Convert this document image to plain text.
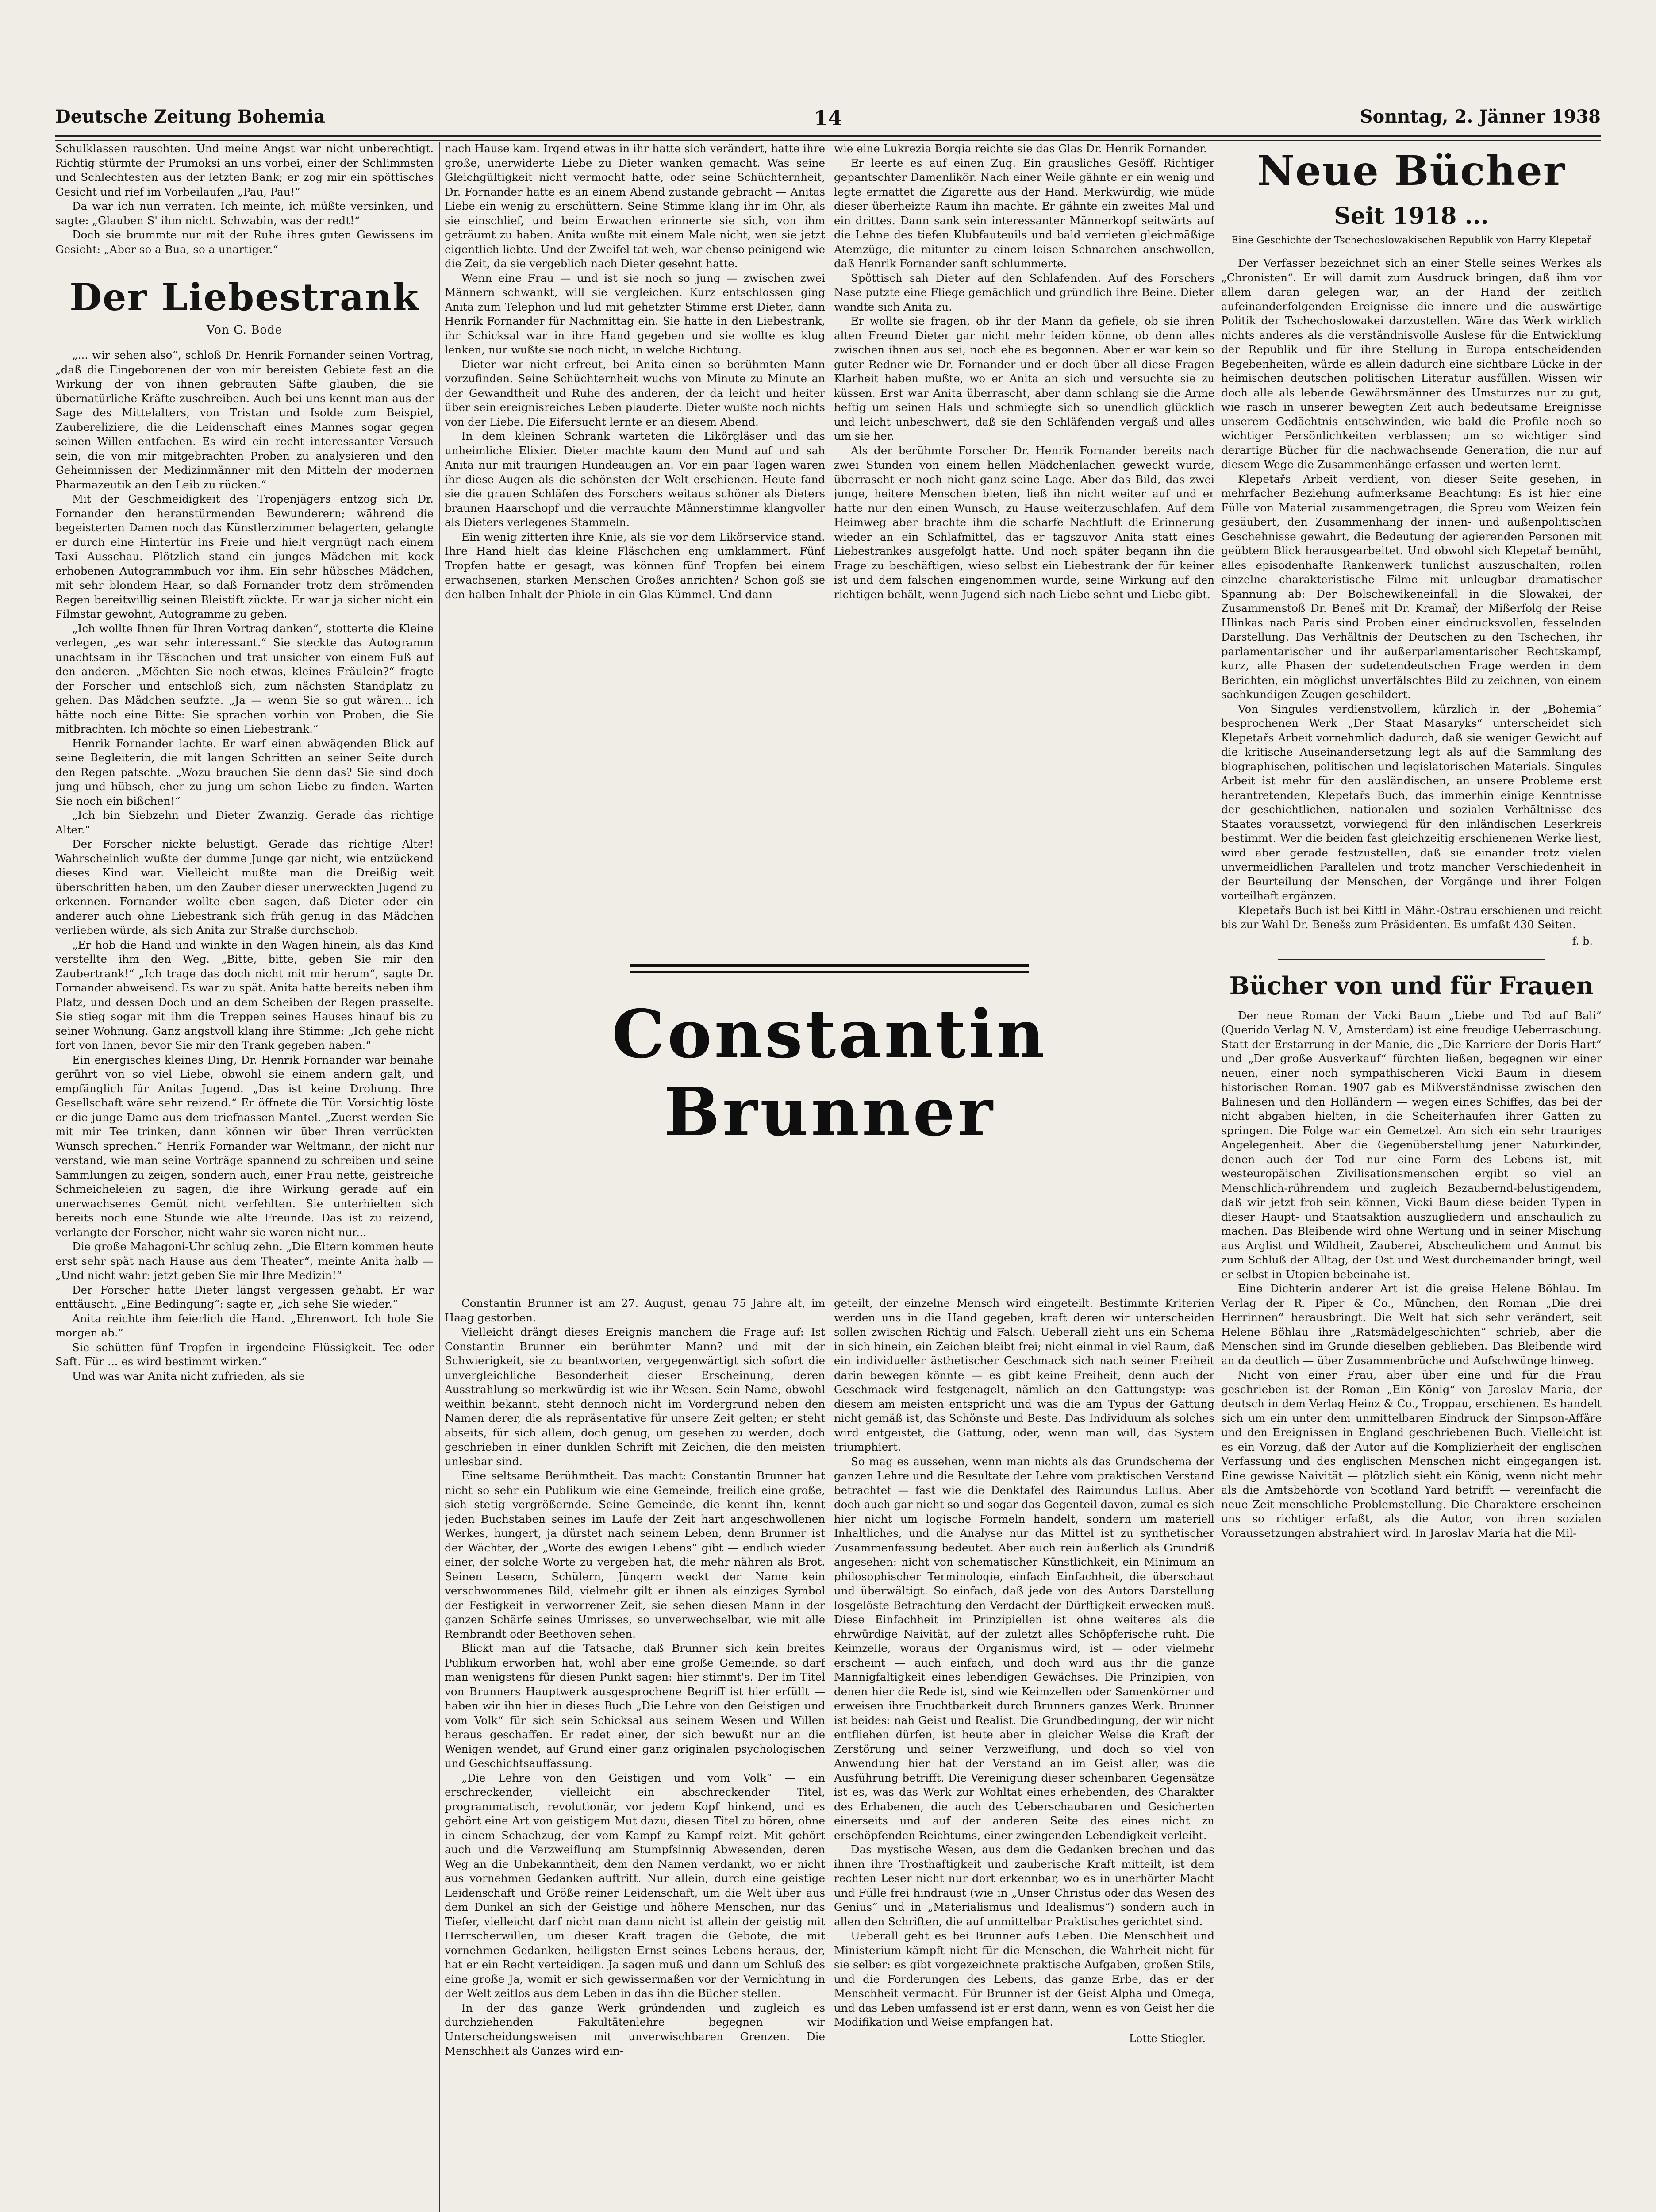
Deutsche Zeitung Bohemia	14	Sonntag, 2. Jänner 1938

Schulklassen rauschten. Und meine Angst war nicht unberechtigt. Richtig stürmte der Prumoksi an uns vorbei, einer der Schlimmsten und Schlechtesten aus der letzten Bank; er zog mir ein spöttisches Gesicht und rief im Vorbeilaufen „Pau, Pau!“

Da war ich nun verraten. Ich meinte, ich müßte versinken, und sagte: „Glauben S' ihm nicht. Schwabin, was der redt!“

Doch sie brummte nur mit der Ruhe ihres guten Gewissens im Gesicht: „Aber so a Bua, so a unartiger.“

Der Liebestrank
Von G. Bode

„... wir sehen also“, schloß Dr. Henrik Fornander seinen Vortrag, „daß die Eingeborenen der von mir bereisten Gebiete fest an die Wirkung der von ihnen gebrauten Säfte glauben, die sie übernatürliche Kräfte zuschreiben. Auch bei uns kennt man aus der Sage des Mittelalters, von Tristan und Isolde zum Beispiel, Zaubereliziere, die die Leidenschaft eines Mannes sogar gegen seinen Willen entfachen. Es wird ein recht interessanter Versuch sein, die von mir mitgebrachten Proben zu analysieren und den Geheimnissen der Medizinmänner mit den Mitteln der modernen Pharmazeutik an den Leib zu rücken.“

Mit der Geschmeidigkeit des Tropenjägers entzog sich Dr. Fornander den heranstürmenden Bewunderern; während die begeisterten Damen noch das Künstlerzimmer belagerten, gelangte er durch eine Hintertür ins Freie und hielt vergnügt nach einem Taxi Ausschau. Plötzlich stand ein junges Mädchen mit keck erhobenen Autogrammbuch vor ihm. Ein sehr hübsches Mädchen, mit sehr blondem Haar, so daß Fornander trotz dem strömenden Regen bereitwillig seinen Bleistift zückte. Er war ja sicher nicht ein Filmstar gewohnt, Autogramme zu geben.

„Ich wollte Ihnen für Ihren Vortrag danken“, stotterte die Kleine verlegen, „es war sehr interessant.“ Sie steckte das Autogramm unachtsam in ihr Täschchen und trat unsicher von einem Fuß auf den anderen. „Möchten Sie noch etwas, kleines Fräulein?“ fragte der Forscher und entschloß sich, zum nächsten Standplatz zu gehen. Das Mädchen seufzte. „Ja — wenn Sie so gut wären... ich hätte noch eine Bitte: Sie sprachen vorhin von Proben, die Sie mitbrachten. Ich möchte so einen Liebestrank.“

Henrik Fornander lachte. Er warf einen abwägenden Blick auf seine Begleiterin, die mit langen Schritten an seiner Seite durch den Regen patschte. „Wozu brauchen Sie denn das? Sie sind doch jung und hübsch, eher zu jung um schon Liebe zu finden. Warten Sie noch ein bißchen!“

„Ich bin Siebzehn und Dieter Zwanzig. Gerade das richtige Alter.“

Der Forscher nickte belustigt. Gerade das richtige Alter! Wahrscheinlich wußte der dumme Junge gar nicht, wie entzückend dieses Kind war. Vielleicht mußte man die Dreißig weit überschritten haben, um den Zauber dieser unerweckten Jugend zu erkennen. Fornander wollte eben sagen, daß Dieter oder ein anderer auch ohne Liebestrank sich früh genug in das Mädchen verlieben würde, als sich Anita zur Straße durchschob.

„Er hob die Hand und winkte in den Wagen hinein, als das Kind verstellte ihm den Weg. „Bitte, bitte, geben Sie mir den Zaubertrank!“ „Ich trage das doch nicht mit mir herum“, sagte Dr. Fornander abweisend. Es war zu spät. Anita hatte bereits neben ihm Platz, und dessen Doch und an dem Scheiben der Regen prasselte. Sie stieg sogar mit ihm die Treppen seines Hauses hinauf bis zu seiner Wohnung. Ganz angstvoll klang ihre Stimme: „Ich gehe nicht fort von Ihnen, bevor Sie mir den Trank gegeben haben.“

Ein energisches kleines Ding, Dr. Henrik Fornander war beinahe gerührt von so viel Liebe, obwohl sie einem andern galt, und empfänglich für Anitas Jugend. „Das ist keine Drohung. Ihre Gesellschaft wäre sehr reizend.“ Er öffnete die Tür. Vorsichtig löste er die junge Dame aus dem triefnassen Mantel. „Zuerst werden Sie mit mir Tee trinken, dann können wir über Ihren verrückten Wunsch sprechen.“ Henrik Fornander war Weltmann, der nicht nur verstand, wie man seine Vorträge spannend zu schreiben und seine Sammlungen zu zeigen, sondern auch, einer Frau nette, geistreiche Schmeicheleien zu sagen, die ihre Wirkung gerade auf ein unerwachsenes Gemüt nicht verfehlten. Sie unterhielten sich bereits noch eine Stunde wie alte Freunde. Das ist zu reizend, verlangte der Forscher, nicht wahr sie waren nicht nur...

Die große Mahagoni-Uhr schlug zehn. „Die Eltern kommen heute erst sehr spät nach Hause aus dem Theater“, meinte Anita halb — „Und nicht wahr: jetzt geben Sie mir Ihre Medizin!“

Der Forscher hatte Dieter längst vergessen gehabt. Er war enttäuscht. „Eine Bedingung“: sagte er, „ich sehe Sie wieder.“

Anita reichte ihm feierlich die Hand. „Ehrenwort. Ich hole Sie morgen ab.“

Sie schütten fünf Tropfen in irgendeine Flüssigkeit. Tee oder Saft. Für ... es wird bestimmt wirken.“

Und was war Anita nicht zufrieden, als sie

nach Hause kam. Irgend etwas in ihr hatte sich verändert, hatte ihre große, unerwiderte Liebe zu Dieter wanken gemacht. Was seine Gleichgültigkeit nicht vermocht hatte, oder seine Schüchternheit, Dr. Fornander hatte es an einem Abend zustande gebracht — Anitas Liebe ein wenig zu erschüttern. Seine Stimme klang ihr im Ohr, als sie einschlief, und beim Erwachen erinnerte sie sich, von ihm geträumt zu haben. Anita wußte mit einem Male nicht, wen sie jetzt eigentlich liebte. Und der Zweifel tat weh, war ebenso peinigend wie die Zeit, da sie vergeblich nach Dieter gesehnt hatte.

Wenn eine Frau — und ist sie noch so jung — zwischen zwei Männern schwankt, will sie vergleichen. Kurz entschlossen ging Anita zum Telephon und lud mit gehetzter Stimme erst Dieter, dann Henrik Fornander für Nachmittag ein. Sie hatte in den Liebestrank, ihr Schicksal war in ihre Hand gegeben und sie wollte es klug lenken, nur wußte sie noch nicht, in welche Richtung.

Dieter war nicht erfreut, bei Anita einen so berühmten Mann vorzufinden. Seine Schüchternheit wuchs von Minute zu Minute an der Gewandtheit und Ruhe des anderen, der da leicht und heiter über sein ereignisreiches Leben plauderte. Dieter wußte noch nichts von der Liebe. Die Eifersucht lernte er an diesem Abend.

In dem kleinen Schrank warteten die Likörgläser und das unheimliche Elixier. Dieter machte kaum den Mund auf und sah Anita nur mit traurigen Hundeaugen an. Vor ein paar Tagen waren ihr diese Augen als die schönsten der Welt erschienen. Heute fand sie die grauen Schläfen des Forschers weitaus schöner als Dieters braunen Haarschopf und die verrauchte Männerstimme klangvoller als Dieters verlegenes Stammeln.

Ein wenig zitterten ihre Knie, als sie vor dem Likörservice stand. Ihre Hand hielt das kleine Fläschchen eng umklammert. Fünf Tropfen hatte er gesagt, was können fünf Tropfen bei einem erwachsenen, starken Menschen Großes anrichten? Schon goß sie den halben Inhalt der Phiole in ein Glas Kümmel. Und dann

wie eine Lukrezia Borgia reichte sie das Glas Dr. Henrik Fornander.

Er leerte es auf einen Zug. Ein grausliches Gesöff. Richtiger gepantschter Damenlikör. Nach einer Weile gähnte er ein wenig und legte ermattet die Zigarette aus der Hand. Merkwürdig, wie müde dieser überheizte Raum ihn machte. Er gähnte ein zweites Mal und ein drittes. Dann sank sein interessanter Männerkopf seitwärts auf die Lehne des tiefen Klubfauteuils und bald verrieten gleichmäßige Atemzüge, die mitunter zu einem leisen Schnarchen anschwollen, daß Henrik Fornander sanft schlummerte.

Spöttisch sah Dieter auf den Schlafenden. Auf des Forschers Nase putzte eine Fliege gemächlich und gründlich ihre Beine. Dieter wandte sich Anita zu.

Er wollte sie fragen, ob ihr der Mann da gefiele, ob sie ihren alten Freund Dieter gar nicht mehr leiden könne, ob denn alles zwischen ihnen aus sei, noch ehe es begonnen. Aber er war kein so guter Redner wie Dr. Fornander und er doch über all diese Fragen Klarheit haben mußte, wo er Anita an sich und versuchte sie zu küssen. Erst war Anita überrascht, aber dann schlang sie die Arme heftig um seinen Hals und schmiegte sich so unendlich glücklich und leicht unbeschwert, daß sie den Schläfenden vergaß und alles um sie her.

Als der berühmte Forscher Dr. Henrik Fornander bereits nach zwei Stunden von einem hellen Mädchenlachen geweckt wurde, überrascht er noch nicht ganz seine Lage. Aber das Bild, das zwei junge, heitere Menschen bieten, ließ ihn nicht weiter auf und er hatte nur den einen Wunsch, zu Hause weiterzuschlafen. Auf dem Heimweg aber brachte ihm die scharfe Nachtluft die Erinnerung wieder an ein Schlafmittel, das er tagszuvor Anita statt eines Liebestrankes ausgefolgt hatte. Und noch später begann ihn die Frage zu beschäftigen, wieso selbst ein Liebestrank der für keiner ist und dem falschen eingenommen wurde, seine Wirkung auf den richtigen behält, wenn Jugend sich nach Liebe sehnt und Liebe gibt.

Constantin Brunner

Constantin Brunner ist am 27. August, genau 75 Jahre alt, im Haag gestorben.

Vielleicht drängt dieses Ereignis manchem die Frage auf: Ist Constantin Brunner ein berühmter Mann? und mit der Schwierigkeit, sie zu beantworten, vergegenwärtigt sich sofort die unvergleichliche Besonderheit dieser Erscheinung, deren Ausstrahlung so merkwürdig ist wie ihr Wesen. Sein Name, obwohl weithin bekannt, steht dennoch nicht im Vordergrund neben den Namen derer, die als repräsentative für unsere Zeit gelten; er steht abseits, für sich allein, doch genug, um gesehen zu werden, doch geschrieben in einer dunklen Schrift mit Zeichen, die den meisten unlesbar sind.

Eine seltsame Berühmtheit. Das macht: Constantin Brunner hat nicht so sehr ein Publikum wie eine Gemeinde, freilich eine große, sich stetig vergrößernde. Seine Gemeinde, die kennt ihn, kennt jeden Buchstaben seines im Laufe der Zeit hart angeschwollenen Werkes, hungert, ja dürstet nach seinem Leben, denn Brunner ist der Wächter, der „Worte des ewigen Lebens“ gibt — endlich wieder einer, der solche Worte zu vergeben hat, die mehr nähren als Brot. Seinen Lesern, Schülern, Jüngern weckt der Name kein verschwommenes Bild, vielmehr gilt er ihnen als einziges Symbol der Festigkeit in verworrener Zeit, sie sehen diesen Mann in der ganzen Schärfe seines Umrisses, so unverwechselbar, wie mit alle Rembrandt oder Beethoven sehen.

Blickt man auf die Tatsache, daß Brunner sich kein breites Publikum erworben hat, wohl aber eine große Gemeinde, so darf man wenigstens für diesen Punkt sagen: hier stimmt's. Der im Titel von Brunners Hauptwerk ausgesprochene Begriff ist hier erfüllt — haben wir ihn hier in dieses Buch „Die Lehre von den Geistigen und vom Volk“ für sich sein Schicksal aus seinem Wesen und Willen heraus geschaffen. Er redet einer, der sich bewußt nur an die Wenigen wendet, auf Grund einer ganz originalen psychologischen und Geschichtsauffassung.

„Die Lehre von den Geistigen und vom Volk“ — ein erschreckender, vielleicht ein abschreckender Titel, programmatisch, revolutionär, vor jedem Kopf hinkend, und es gehört eine Art von geistigem Mut dazu, diesen Titel zu hören, ohne in einem Schachzug, der vom Kampf zu Kampf reizt. Mit gehört auch und die Verzweiflung am Stumpfsinnig Abwesenden, deren Weg an die Unbekanntheit, dem den Namen verdankt, wo er nicht aus vornehmen Gedanken auftritt. Nur allein, durch eine geistige Leidenschaft und Größe reiner Leidenschaft, um die Welt über aus dem Dunkel an sich der Geistige und höhere Menschen, nur das Tiefer, vielleicht darf nicht man dann nicht ist allein der geistig mit Herrscherwillen, um dieser Kraft tragen die Gebote, die mit vornehmen Gedanken, heiligsten Ernst seines Lebens heraus, der, hat er ein Recht verteidigen. Ja sagen muß und dann um Schluß des eine große Ja, womit er sich gewissermaßen vor der Vernichtung in der Welt zeitlos aus dem Leben in das ihn die Bücher stellen.

In der das ganze Werk gründenden und zugleich es durchziehenden Fakultätenlehre begegnen wir Unterscheidungsweisen mit unverwischbaren Grenzen. Die Menschheit als Ganzes wird ein-

geteilt, der einzelne Mensch wird eingeteilt. Bestimmte Kriterien werden uns in die Hand gegeben, kraft deren wir unterscheiden sollen zwischen Richtig und Falsch. Ueberall zieht uns ein Schema in sich hinein, ein Zeichen bleibt frei; nicht einmal in viel Raum, daß ein individueller ästhetischer Geschmack sich nach seiner Freiheit darin bewegen könnte — es gibt keine Freiheit, denn auch der Geschmack wird festgenagelt, nämlich an den Gattungstyp: was diesem am meisten entspricht und was die am Typus der Gattung nicht gemäß ist, das Schönste und Beste. Das Individuum als solches wird entgeistet, die Gattung, oder, wenn man will, das System triumphiert.

So mag es aussehen, wenn man nichts als das Grundschema der ganzen Lehre und die Resultate der Lehre vom praktischen Verstand betrachtet — fast wie die Denktafel des Raimundus Lullus. Aber doch auch gar nicht so und sogar das Gegenteil davon, zumal es sich hier nicht um logische Formeln handelt, sondern um materiell Inhaltliches, und die Analyse nur das Mittel ist zu synthetischer Zusammenfassung bedeutet. Aber auch rein äußerlich als Grundriß angesehen: nicht von schematischer Künstlichkeit, ein Minimum an philosophischer Terminologie, einfach Einfachheit, die überschaut und überwältigt. So einfach, daß jede von des Autors Darstellung losgelöste Betrachtung den Verdacht der Dürftigkeit erwecken muß. Diese Einfachheit im Prinzipiellen ist ohne weiteres als die ehrwürdige Naivität, auf der zuletzt alles Schöpferische ruht. Die Keimzelle, woraus der Organismus wird, ist — oder vielmehr erscheint — auch einfach, und doch wird aus ihr die ganze Mannigfaltigkeit eines lebendigen Gewächses. Die Prinzipien, von denen hier die Rede ist, sind wie Keimzellen oder Samenkörner und erweisen ihre Fruchtbarkeit durch Brunners ganzes Werk. Brunner ist beides: nah Geist und Realist. Die Grundbedingung, der wir nicht entfliehen dürfen, ist heute aber in gleicher Weise die Kraft der Zerstörung und seiner Verzweiflung, und doch so viel von Anwendung hier hat der Verstand an im Geist aller, was die Ausführung betrifft. Die Vereinigung dieser scheinbaren Gegensätze ist es, was das Werk zur Wohltat eines erhebenden, des Charakter des Erhabenen, die auch des Ueberschaubaren und Gesicherten einerseits und auf der anderen Seite des eines nicht zu erschöpfenden Reichtums, einer zwingenden Lebendigkeit verleiht.

Das mystische Wesen, aus dem die Gedanken brechen und das ihnen ihre Trosthaftigkeit und zauberische Kraft mitteilt, ist dem rechten Leser nicht nur dort erkennbar, wo es in unerhörter Macht und Fülle frei hindraust (wie in „Unser Christus oder das Wesen des Genius“ und in „Materialismus und Idealismus“) sondern auch in allen den Schriften, die auf unmittelbar Praktisches gerichtet sind.

Ueberall geht es bei Brunner aufs Leben. Die Menschheit und Ministerium kämpft nicht für die Menschen, die Wahrheit nicht für sie selber: es gibt vorgezeichnete praktische Aufgaben, großen Stils, und die Forderungen des Lebens, das ganze Erbe, das er der Menschheit vermacht. Für Brunner ist der Geist Alpha und Omega, und das Leben umfassend ist er erst dann, wenn es von Geist her die Modifikation und Weise empfangen hat.

Lotte Stiegler.
Neue Bücher
Seit 1918 ...
Eine Geschichte der Tschechoslowakischen Republik von Harry Klepetař

Der Verfasser bezeichnet sich an einer Stelle seines Werkes als „Chronisten“. Er will damit zum Ausdruck bringen, daß ihm vor allem daran gelegen war, an der Hand der zeitlich aufeinanderfolgenden Ereignisse die innere und die auswärtige Politik der Tschechoslowakei darzustellen. Wäre das Werk wirklich nichts anderes als die verständnisvolle Auslese für die Entwicklung der Republik und für ihre Stellung in Europa entscheidenden Begebenheiten, würde es allein dadurch eine sichtbare Lücke in der heimischen deutschen politischen Literatur ausfüllen. Wissen wir doch alle als lebende Gewährsmänner des Umsturzes nur zu gut, wie rasch in unserer bewegten Zeit auch bedeutsame Ereignisse unserem Gedächtnis entschwinden, wie bald die Profile noch so wichtiger Persönlichkeiten verblassen; um so wichtiger sind derartige Bücher für die nachwachsende Generation, die nur auf diesem Wege die Zusammenhänge erfassen und werten lernt.

Klepetařs Arbeit verdient, von dieser Seite gesehen, in mehrfacher Beziehung aufmerksame Beachtung: Es ist hier eine Fülle von Material zusammengetragen, die Spreu vom Weizen fein gesäubert, den Zusammenhang der innen- und außenpolitischen Geschehnisse gewahrt, die Bedeutung der agierenden Personen mit geübtem Blick herausgearbeitet. Und obwohl sich Klepetař bemüht, alles episodenhafte Rankenwerk tunlichst auszuschalten, rollen einzelne charakteristische Filme mit unleugbar dramatischer Spannung ab: Der Bolschewikeneinfall in die Slowakei, der Zusammenstoß Dr. Beneš mit Dr. Kramař, der Mißerfolg der Reise Hlinkas nach Paris sind Proben einer eindrucksvollen, fesselnden Darstellung. Das Verhältnis der Deutschen zu den Tschechen, ihr parlamentarischer und ihr außerparlamentarischer Rechtskampf, kurz, alle Phasen der sudetendeutschen Frage werden in dem Berichten, ein möglichst unverfälschtes Bild zu zeichnen, von einem sachkundigen Zeugen geschildert.

Von Singules verdienstvollem, kürzlich in der „Bohemia“ besprochenen Werk „Der Staat Masaryks“ unterscheidet sich Klepetařs Arbeit vornehmlich dadurch, daß sie weniger Gewicht auf die kritische Auseinandersetzung legt als auf die Sammlung des biographischen, politischen und legislatorischen Materials. Singules Arbeit ist mehr für den ausländischen, an unsere Probleme erst herantretenden, Klepetařs Buch, das immerhin einige Kenntnisse der geschichtlichen, nationalen und sozialen Verhältnisse des Staates voraussetzt, vorwiegend für den inländischen Leserkreis bestimmt. Wer die beiden fast gleichzeitig erschienenen Werke liest, wird aber gerade festzustellen, daß sie einander trotz vielen unvermeidlichen Parallelen und trotz mancher Verschiedenheit in der Beurteilung der Menschen, der Vorgänge und ihrer Folgen vorteilhaft ergänzen.

Klepetařs Buch ist bei Kittl in Mähr.-Ostrau erschienen und reicht bis zur Wahl Dr. Benešs zum Präsidenten. Es umfaßt 430 Seiten.

f. b.
Bücher von und für Frauen

Der neue Roman der Vicki Baum „Liebe und Tod auf Bali“ (Querido Verlag N. V., Amsterdam) ist eine freudige Ueberraschung. Statt der Erstarrung in der Manie, die „Die Karriere der Doris Hart“ und „Der große Ausverkauf“ fürchten ließen, begegnen wir einer neuen, einer noch sympathischeren Vicki Baum in diesem historischen Roman. 1907 gab es Mißverständnisse zwischen den Balinesen und den Holländern — wegen eines Schiffes, das bei der nicht abgaben hielten, in die Scheiterhaufen ihrer Gatten zu springen. Die Folge war ein Gemetzel. Am sich ein sehr trauriges Angelegenheit. Aber die Gegenüberstellung jener Naturkinder, denen auch der Tod nur eine Form des Lebens ist, mit westeuropäischen Zivilisationsmenschen ergibt so viel an Menschlich-rührendem und zugleich Bezaubernd-belustigendem, daß wir jetzt froh sein können, Vicki Baum diese beiden Typen in dieser Haupt- und Staatsaktion auszugliedern und anschaulich zu machen. Das Bleibende wird ohne Wertung und in seiner Mischung aus Arglist und Wildheit, Zauberei, Abscheulichem und Anmut bis zum Schluß der Alltag, der Ost und West durcheinander bringt, weil er selbst in Utopien bebeinahe ist.

Eine Dichterin anderer Art ist die greise Helene Böhlau. Im Verlag der R. Piper & Co., München, den Roman „Die drei Herrinnen“ herausbringt. Die Welt hat sich sehr verändert, seit Helene Böhlau ihre „Ratsmädelgeschichten“ schrieb, aber die Menschen sind im Grunde dieselben geblieben. Das Bleibende wird an da deutlich — über Zusammenbrüche und Aufschwünge hinweg.

Nicht von einer Frau, aber über eine und für die Frau geschrieben ist der Roman „Ein König“ von Jaroslav Maria, der deutsch in dem Verlag Heinz & Co., Troppau, erschienen. Es handelt sich um ein unter dem unmittelbaren Eindruck der Simpson-Affäre und den Ereignissen in England geschriebenen Buch. Vielleicht ist es ein Vorzug, daß der Autor auf die Komplizierheit der englischen Verfassung und des englischen Menschen nicht eingegangen ist. Eine gewisse Naivität — plötzlich sieht ein König, wenn nicht mehr als die Amtsbehörde von Scotland Yard betrifft — vereinfacht die neue Zeit menschliche Problemstellung. Die Charaktere erscheinen uns so richtiger erfaßt, als die Autor, von ihren sozialen Voraussetzungen abstrahiert wird. In Jaroslav Maria hat die Mil-
